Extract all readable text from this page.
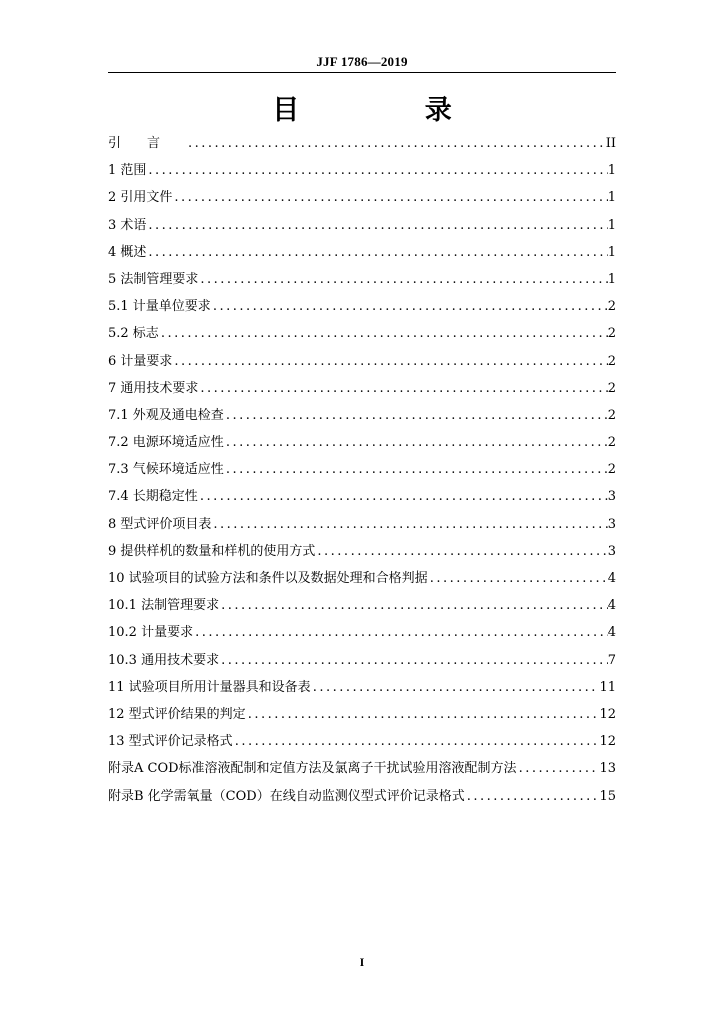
JJF 1786—2019
目 录
引言 .....	II
1 范围 .....	1
2 引用文件 .....	1
3 术语 .....	1
4 概述 .....	1
5 法制管理要求 .....	1
5.1 计量单位要求 .....	2
5.2 标志 .....	2
6 计量要求 .....	2
7 通用技术要求 .....	2
7.1 外观及通电检查 .....	2
7.2 电源环境适应性 .....	2
7.3 气候环境适应性 .....	2
7.4 长期稳定性 .....	3
8 型式评价项目表 .....	3
9 提供样机的数量和样机的使用方式 .....	3
10 试验项目的试验方法和条件以及数据处理和合格判据 .....	4
10.1 法制管理要求 .....	4
10.2 计量要求 .....	4
10.3 通用技术要求 .....	7
11 试验项目所用计量器具和设备表 .....	11
12 型式评价结果的判定 .....	12
13 型式评价记录格式 .....	12
附录A COD标准溶液配制和定值方法及氯离子干扰试验用溶液配制方法 .....	13
附录B 化学需氧量（COD）在线自动监测仪型式评价记录格式 .....	15
I
